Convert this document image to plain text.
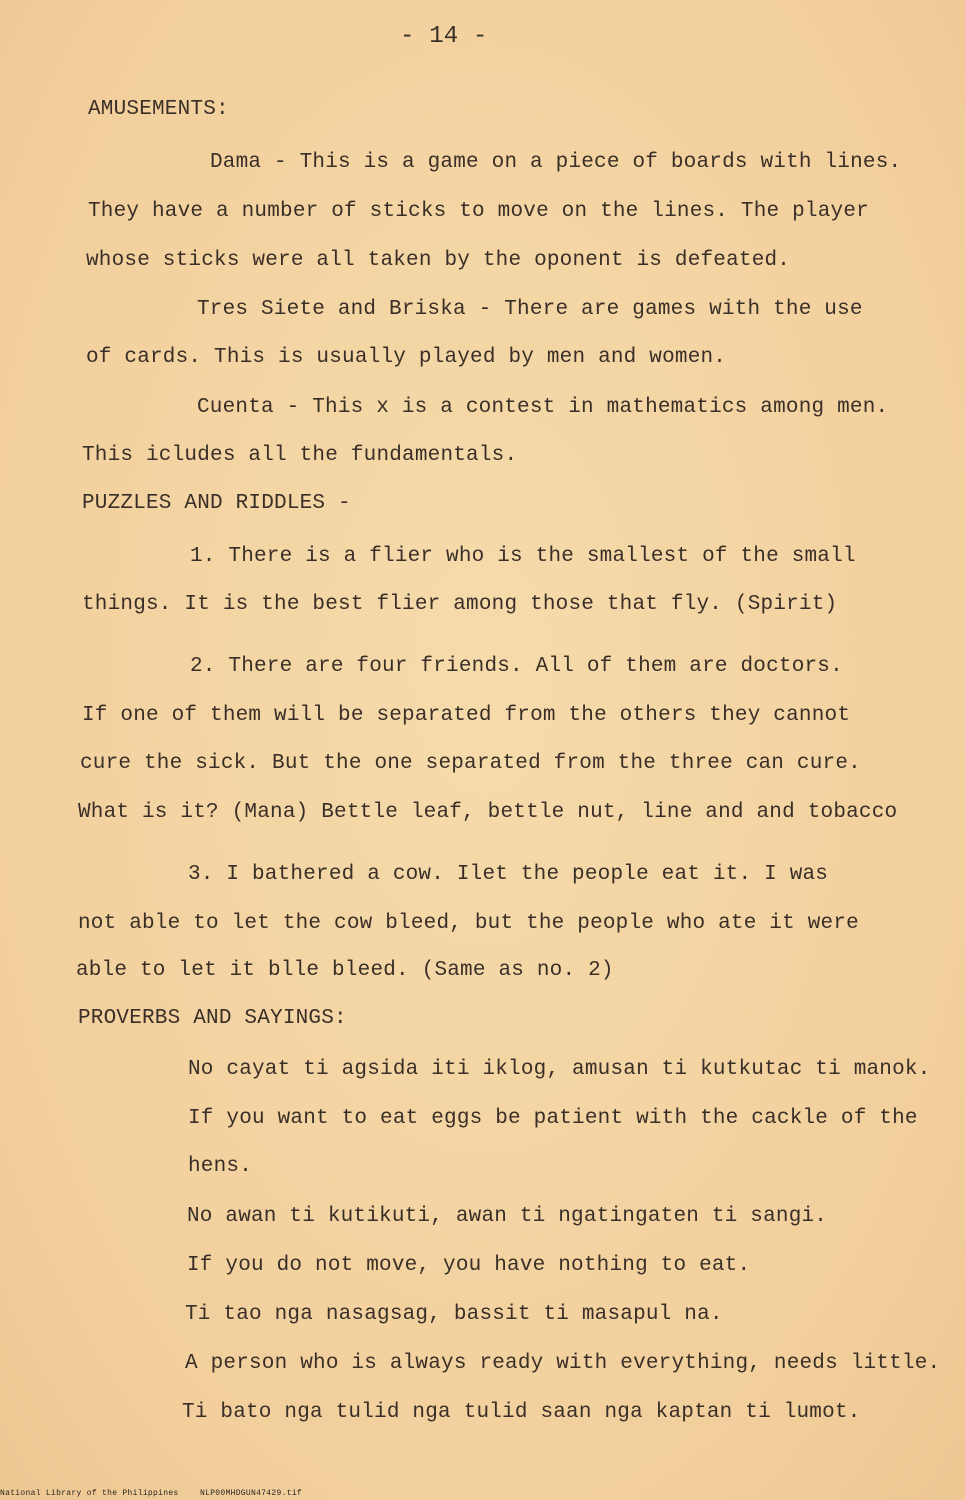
- 14 -
AMUSEMENTS:
Dama - This is a game on a piece of boards with lines.
They have a number of sticks to move on the lines. The player
whose sticks were all taken by the oponent is defeated.
Tres Siete and Briska - There are games with the use
of cards. This is usually played by men and women.
Cuenta - This x is a contest in mathematics among men.
This icludes all the fundamentals.
PUZZLES AND RIDDLES -
1. There is a flier who is the smallest of the small
things. It is the best flier among those that fly. (Spirit)
2. There are four friends. All of them are doctors.
If one of them will be separated from the others they cannot
cure the sick. But the one separated from the three can cure.
What is it? (Mana) Bettle leaf, bettle nut, line and and tobacco
3. I bathered a cow. Ilet the people eat it. I was
not able to let the cow bleed, but the people who ate it were
able to let it blle bleed. (Same as no. 2)
PROVERBS AND SAYINGS:
No cayat ti agsida iti iklog, amusan ti kutkutac ti manok.
If you want to eat eggs be patient with the cackle of the
hens.
No awan ti kutikuti, awan ti ngatingaten ti sangi.
If you do not move, you have nothing to eat.
Ti tao nga nasagsag, bassit ti masapul na.
A person who is always ready with everything, needs little.
Ti bato nga tulid nga tulid saan nga kaptan ti lumot.
National Library of the Philippines	NLP00MHDGUN47429.tif
